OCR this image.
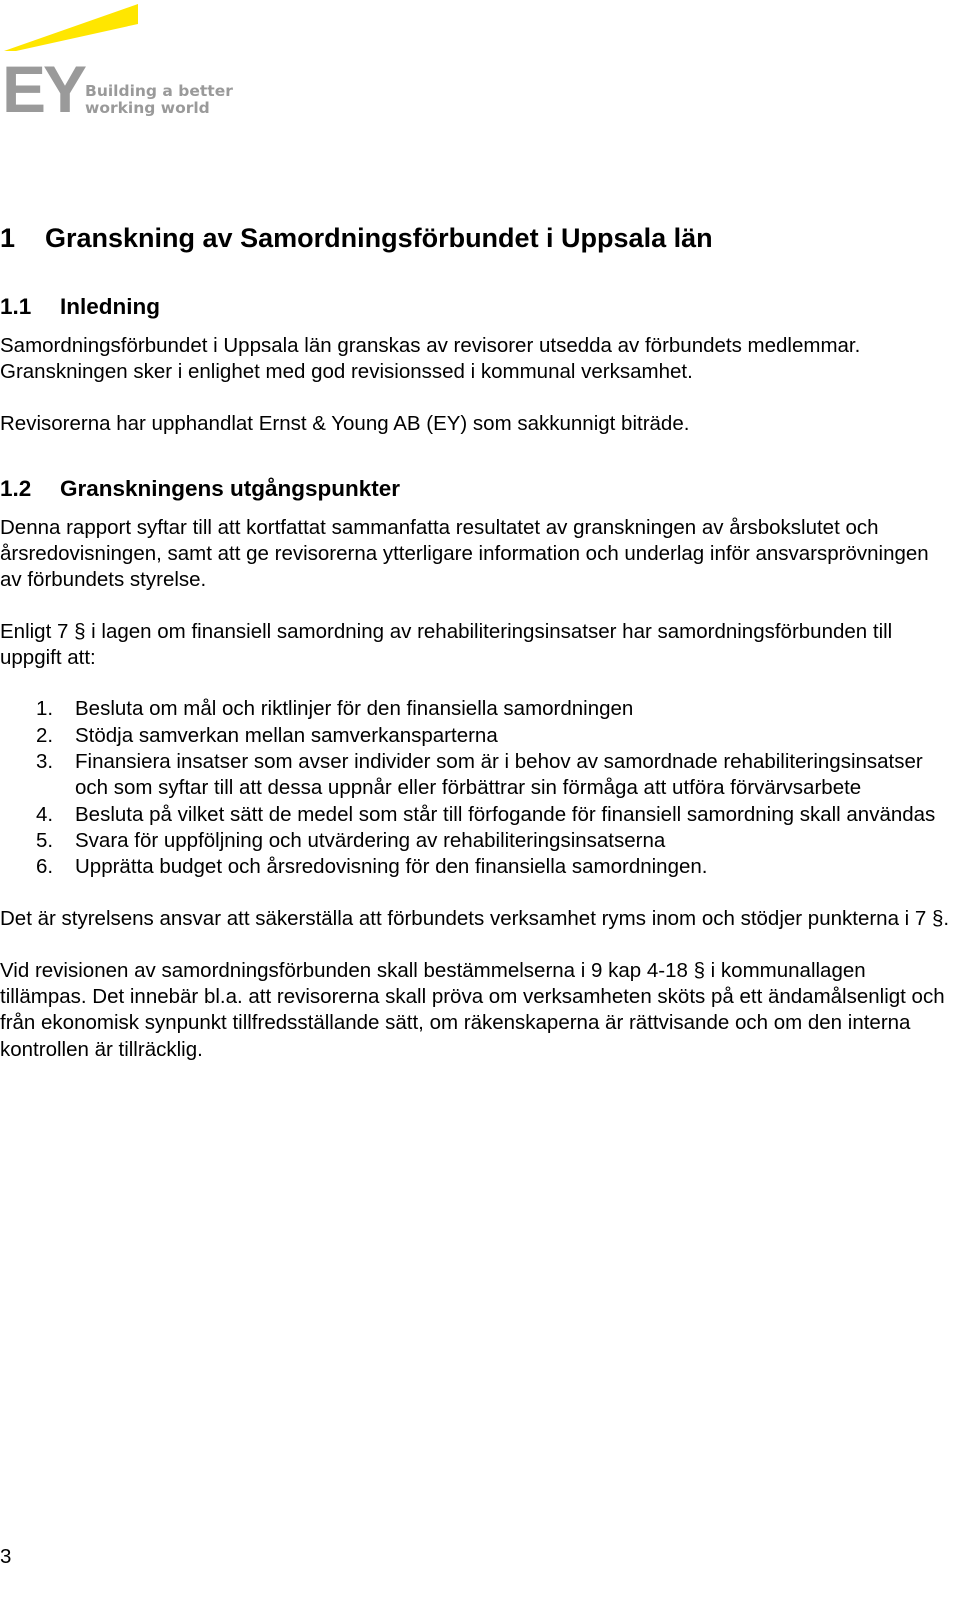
EY Building a better
working world
1 Granskning av Samordningsförbundet i Uppsala län
1.1 Inledning

Samordningsförbundet i Uppsala län granskas av revisorer utsedda av förbundets medlemmar. Granskningen sker i enlighet med god revisionssed i kommunal verksamhet.

Revisorerna har upphandlat Ernst & Young AB (EY) som sakkunnigt biträde.

1.2 Granskningens utgångspunkter

Denna rapport syftar till att kortfattat sammanfatta resultatet av granskningen av årsbokslutet och årsredovisningen, samt att ge revisorerna ytterligare information och underlag inför ansvarsprövningen av förbundets styrelse.

Enligt 7 § i lagen om finansiell samordning av rehabiliteringsinsatser har samordningsförbunden till uppgift att:

1. Besluta om mål och riktlinjer för den finansiella samordningen
2. Stödja samverkan mellan samverkansparterna
3. Finansiera insatser som avser individer som är i behov av samordnade rehabiliteringsinsatser och som syftar till att dessa uppnår eller förbättrar sin förmåga att utföra förvärvsarbete
4. Besluta på vilket sätt de medel som står till förfogande för finansiell samordning skall användas
5. Svara för uppföljning och utvärdering av rehabiliteringsinsatserna
6. Upprätta budget och årsredovisning för den finansiella samordningen.

Det är styrelsens ansvar att säkerställa att förbundets verksamhet ryms inom och stödjer punkterna i 7 §.

Vid revisionen av samordningsförbunden skall bestämmelserna i 9 kap 4-18 § i kommunallagen tillämpas. Det innebär bl.a. att revisorerna skall pröva om verksamheten sköts på ett ändamålsenligt och från ekonomisk synpunkt tillfredsställande sätt, om räkenskaperna är rättvisande och om den interna kontrollen är tillräcklig.

3
